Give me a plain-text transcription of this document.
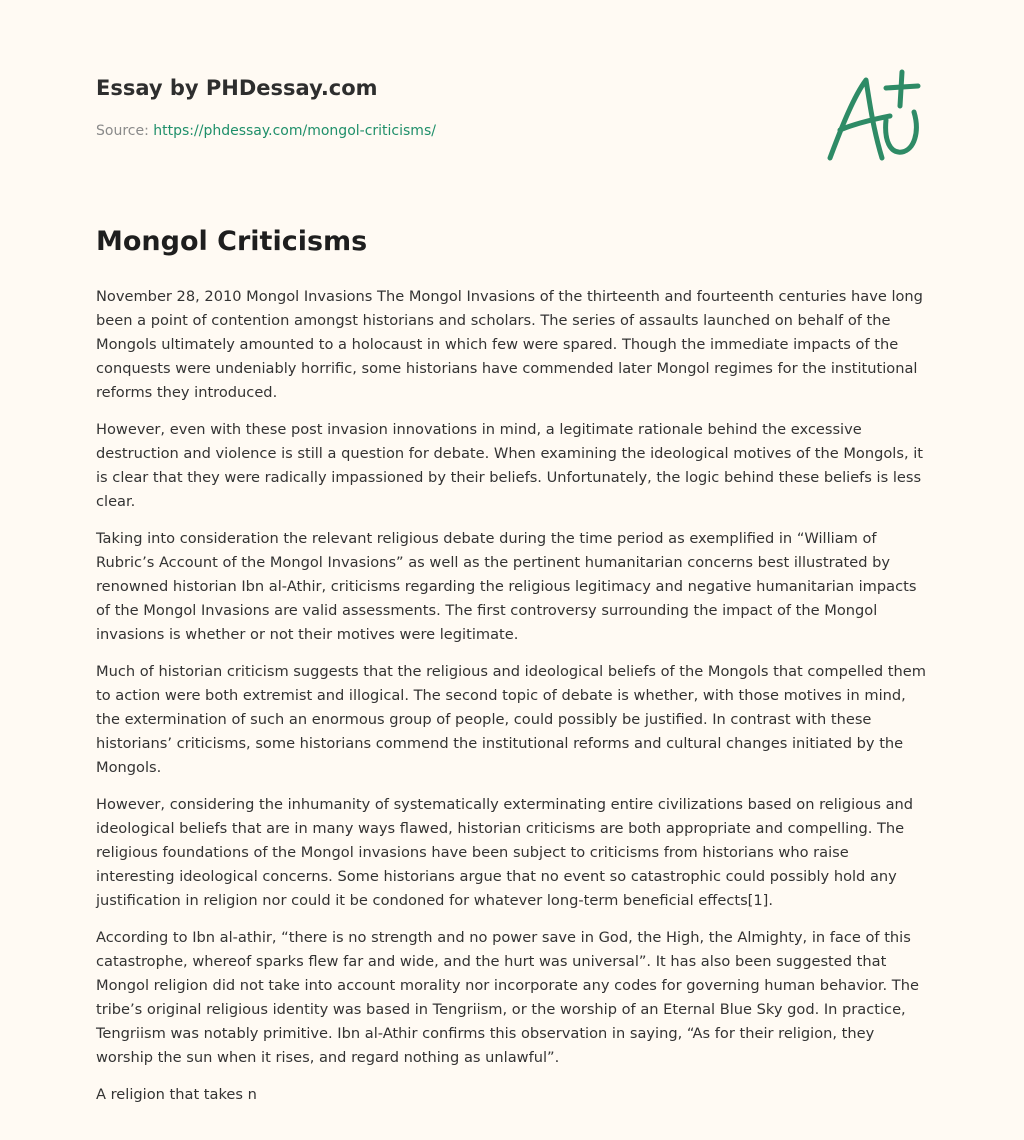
Essay by PHDessay.com
Source: https://phdessay.com/mongol-criticisms/
Mongol Criticisms

November 28, 2010 Mongol Invasions The Mongol Invasions of the thirteenth and fourteenth centuries have long been a point of contention amongst historians and scholars. The series of assaults launched on behalf of the Mongols ultimately amounted to a holocaust in which few were spared. Though the immediate impacts of the conquests were undeniably horrific, some historians have commended later Mongol regimes for the institutional reforms they introduced.

However, even with these post invasion innovations in mind, a legitimate rationale behind the excessive destruction and violence is still a question for debate. When examining the ideological motives of the Mongols, it is clear that they were radically impassioned by their beliefs. Unfortunately, the logic behind these beliefs is less clear.

Taking into consideration the relevant religious debate during the time period as exemplified in “William of Rubric’s Account of the Mongol Invasions” as well as the pertinent humanitarian concerns best illustrated by renowned historian Ibn al-Athir, criticisms regarding the religious legitimacy and negative humanitarian impacts of the Mongol Invasions are valid assessments. The first controversy surrounding the impact of the Mongol invasions is whether or not their motives were legitimate.

Much of historian criticism suggests that the religious and ideological beliefs of the Mongols that compelled them to action were both extremist and illogical. The second topic of debate is whether, with those motives in mind, the extermination of such an enormous group of people, could possibly be justified. In contrast with these historians’ criticisms, some historians commend the institutional reforms and cultural changes initiated by the Mongols.

However, considering the inhumanity of systematically exterminating entire civilizations based on religious and ideological beliefs that are in many ways flawed, historian criticisms are both appropriate and compelling. The religious foundations of the Mongol invasions have been subject to criticisms from historians who raise interesting ideological concerns. Some historians argue that no event so catastrophic could possibly hold any justification in religion nor could it be condoned for whatever long-term beneficial effects[1].

According to Ibn al-athir, “there is no strength and no power save in God, the High, the Almighty, in face of this catastrophe, whereof sparks flew far and wide, and the hurt was universal”. It has also been suggested that Mongol religion did not take into account morality nor incorporate any codes for governing human behavior. The tribe’s original religious identity was based in Tengriism, or the worship of an Eternal Blue Sky god. In practice, Tengriism was notably primitive. Ibn al-Athir confirms this observation in saying, “As for their religion, they worship the sun when it rises, and regard nothing as unlawful”.

A religion that takes n
